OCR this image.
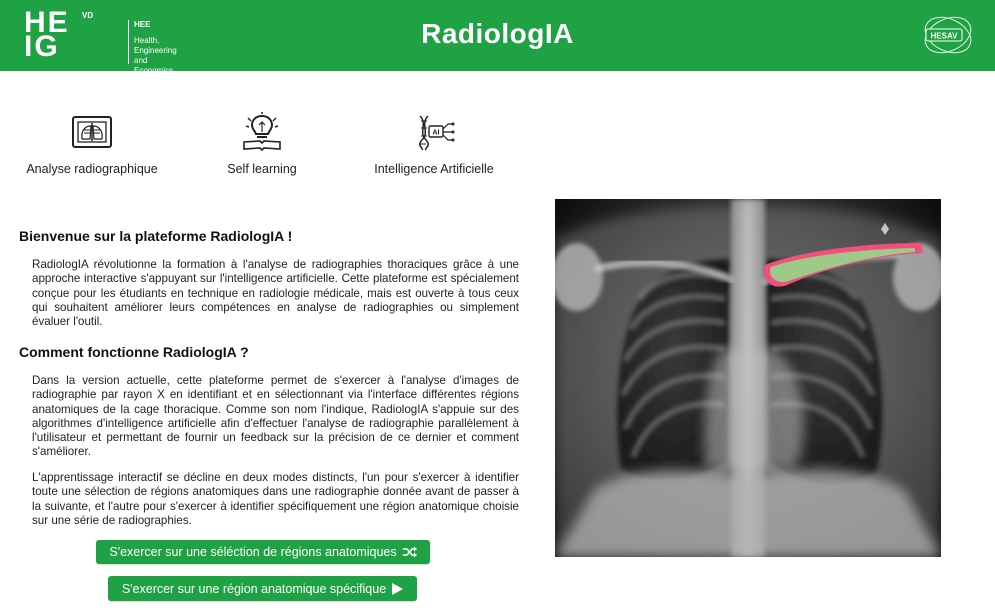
HE
IG
VD
HEE
Health,
Engineering
and Economics
RadiologIA	HESAV
Analyse radiographique	Self learning
AI
Intelligence Artificielle
Bienvenue sur la plateforme RadiologIA !

RadiologIA révolutionne la formation à l'analyse de radiographies thoraciques grâce à une approche interactive s'appuyant sur l'intelligence artificielle. Cette plateforme est spécialement conçue pour les étudiants en technique en radiologie médicale, mais est ouverte à tous ceux qui souhaitent améliorer leurs compétences en analyse de radiographies ou simplement évaluer l'outil.

Comment fonctionne RadiologIA ?

Dans la version actuelle, cette plateforme permet de s'exercer à l'analyse d'images de radiographie par rayon X en identifiant et en sélectionnant via l'interface différentes régions anatomiques de la cage thoracique. Comme son nom l'indique, RadiologIA s'appuie sur des algorithmes d'intelligence artificielle afin d'effectuer l'analyse de radiographie parallèlement à l'utilisateur et permettant de fournir un feedback sur la précision de ce dernier et comment s'améliorer.

L'apprentissage interactif se décline en deux modes distincts, l'un pour s'exercer à identifier toute une sélection de régions anatomiques dans une radiographie donnée avant de passer à la suivante, et l'autre pour s'exercer à identifier spécifiquement une région anatomique choisie sur une série de radiographies.

S'exercer sur une séléction de régions anatomiques
S'exercer sur une région anatomique spécifique
